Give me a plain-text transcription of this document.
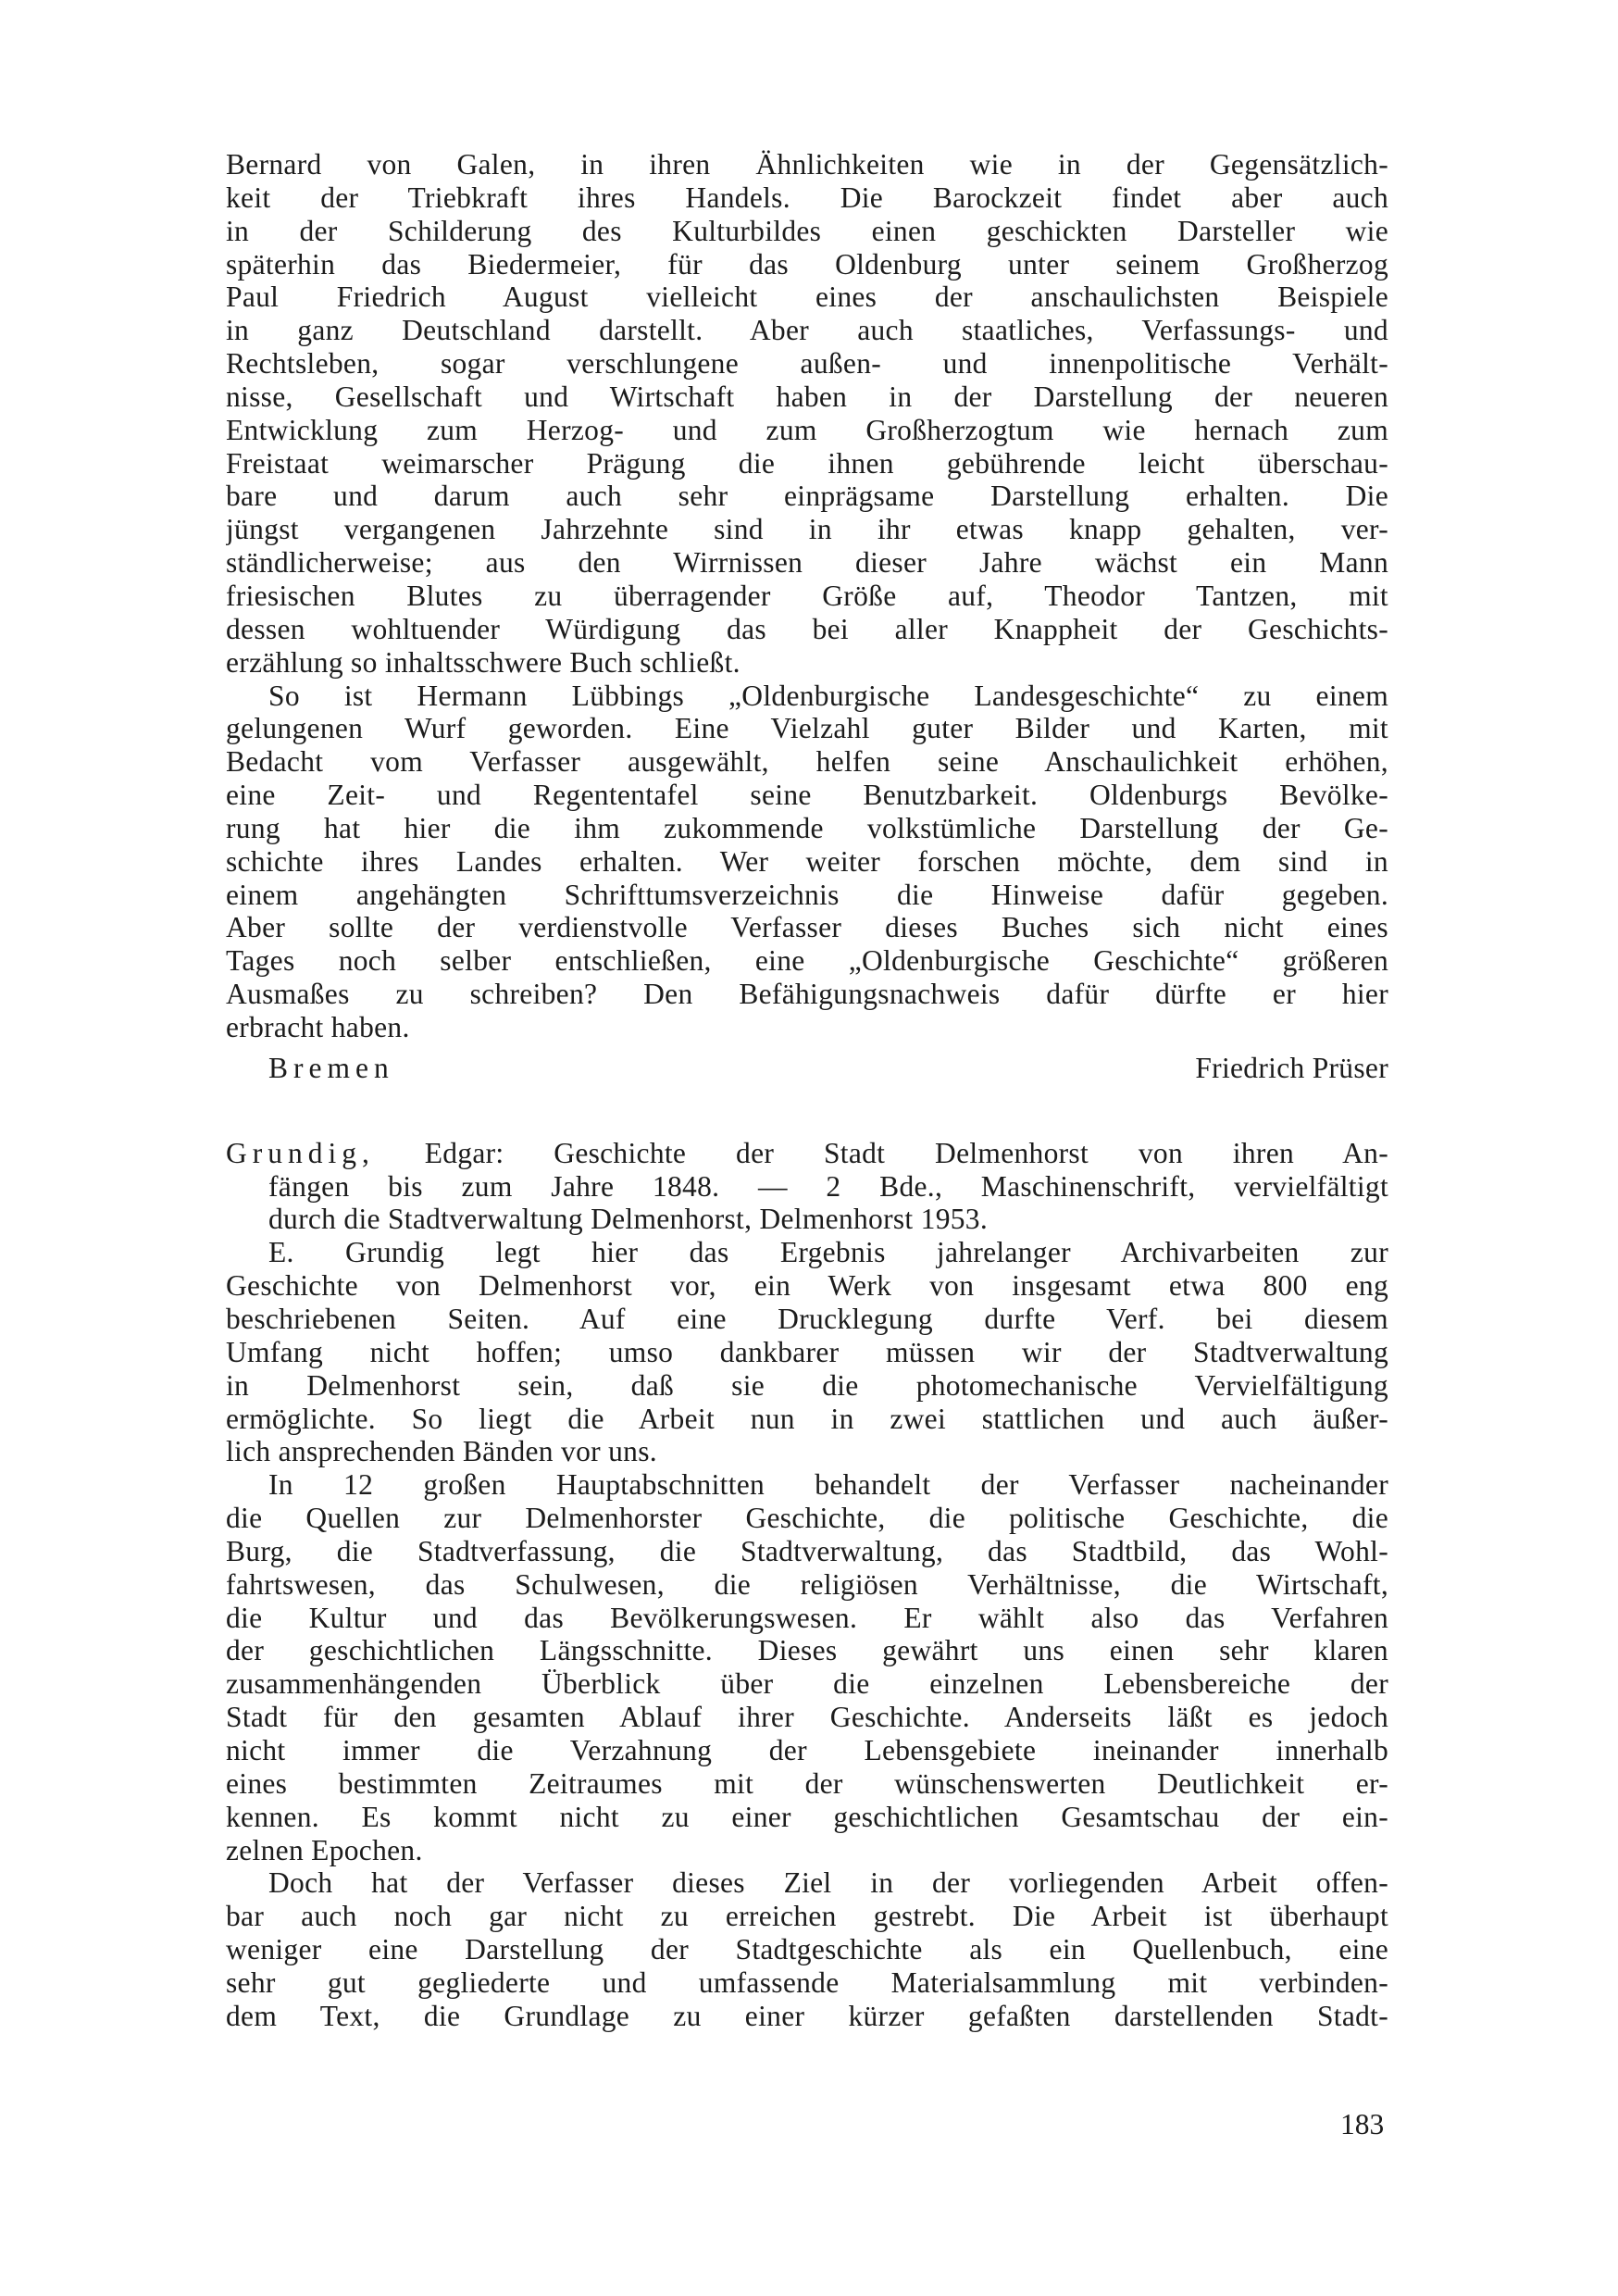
Bernard von Galen, in ihren Ähnlichkeiten wie in der Gegensätzlich-
keit der Triebkraft ihres Handels. Die Barockzeit findet aber auch
in der Schilderung des Kulturbildes einen geschickten Darsteller wie
späterhin das Biedermeier, für das Oldenburg unter seinem Großherzog
Paul Friedrich August vielleicht eines der anschaulichsten Beispiele
in ganz Deutschland darstellt. Aber auch staatliches, Verfassungs- und
Rechtsleben, sogar verschlungene außen- und innenpolitische Verhält-
nisse, Gesellschaft und Wirtschaft haben in der Darstellung der neueren
Entwicklung zum Herzog- und zum Großherzogtum wie hernach zum
Freistaat weimarscher Prägung die ihnen gebührende leicht überschau-
bare und darum auch sehr einprägsame Darstellung erhalten. Die
jüngst vergangenen Jahrzehnte sind in ihr etwas knapp gehalten, ver-
ständlicherweise; aus den Wirrnissen dieser Jahre wächst ein Mann
friesischen Blutes zu überragender Größe auf, Theodor Tantzen, mit
dessen wohltuender Würdigung das bei aller Knappheit der Geschichts-
erzählung so inhaltsschwere Buch schließt.
So ist Hermann Lübbings „Oldenburgische Landesgeschichte“ zu einem
gelungenen Wurf geworden. Eine Vielzahl guter Bilder und Karten, mit
Bedacht vom Verfasser ausgewählt, helfen seine Anschaulichkeit erhöhen,
eine Zeit- und Regententafel seine Benutzbarkeit. Oldenburgs Bevölke-
rung hat hier die ihm zukommende volkstümliche Darstellung der Ge-
schichte ihres Landes erhalten. Wer weiter forschen möchte, dem sind in
einem angehängten Schrifttumsverzeichnis die Hinweise dafür gegeben.
Aber sollte der verdienstvolle Verfasser dieses Buches sich nicht eines
Tages noch selber entschließen, eine „Oldenburgische Geschichte“ größeren
Ausmaßes zu schreiben? Den Befähigungsnachweis dafür dürfte er hier
erbracht haben.
Bremen	Friedrich Prüser
Grundig, Edgar: Geschichte der Stadt Delmenhorst von ihren An-
fängen bis zum Jahre 1848. — 2 Bde., Maschinenschrift, vervielfältigt
durch die Stadtverwaltung Delmenhorst, Delmenhorst 1953.
E. Grundig legt hier das Ergebnis jahrelanger Archivarbeiten zur
Geschichte von Delmenhorst vor, ein Werk von insgesamt etwa 800 eng
beschriebenen Seiten. Auf eine Drucklegung durfte Verf. bei diesem
Umfang nicht hoffen; umso dankbarer müssen wir der Stadtverwaltung
in Delmenhorst sein, daß sie die photomechanische Vervielfältigung
ermöglichte. So liegt die Arbeit nun in zwei stattlichen und auch äußer-
lich ansprechenden Bänden vor uns.
In 12 großen Hauptabschnitten behandelt der Verfasser nacheinander
die Quellen zur Delmenhorster Geschichte, die politische Geschichte, die
Burg, die Stadtverfassung, die Stadtverwaltung, das Stadtbild, das Wohl-
fahrtswesen, das Schulwesen, die religiösen Verhältnisse, die Wirtschaft,
die Kultur und das Bevölkerungswesen. Er wählt also das Verfahren
der geschichtlichen Längsschnitte. Dieses gewährt uns einen sehr klaren
zusammenhängenden Überblick über die einzelnen Lebensbereiche der
Stadt für den gesamten Ablauf ihrer Geschichte. Anderseits läßt es jedoch
nicht immer die Verzahnung der Lebensgebiete ineinander innerhalb
eines bestimmten Zeitraumes mit der wünschenswerten Deutlichkeit er-
kennen. Es kommt nicht zu einer geschichtlichen Gesamtschau der ein-
zelnen Epochen.
Doch hat der Verfasser dieses Ziel in der vorliegenden Arbeit offen-
bar auch noch gar nicht zu erreichen gestrebt. Die Arbeit ist überhaupt
weniger eine Darstellung der Stadtgeschichte als ein Quellenbuch, eine
sehr gut gegliederte und umfassende Materialsammlung mit verbinden-
dem Text, die Grundlage zu einer kürzer gefaßten darstellenden Stadt-
183
